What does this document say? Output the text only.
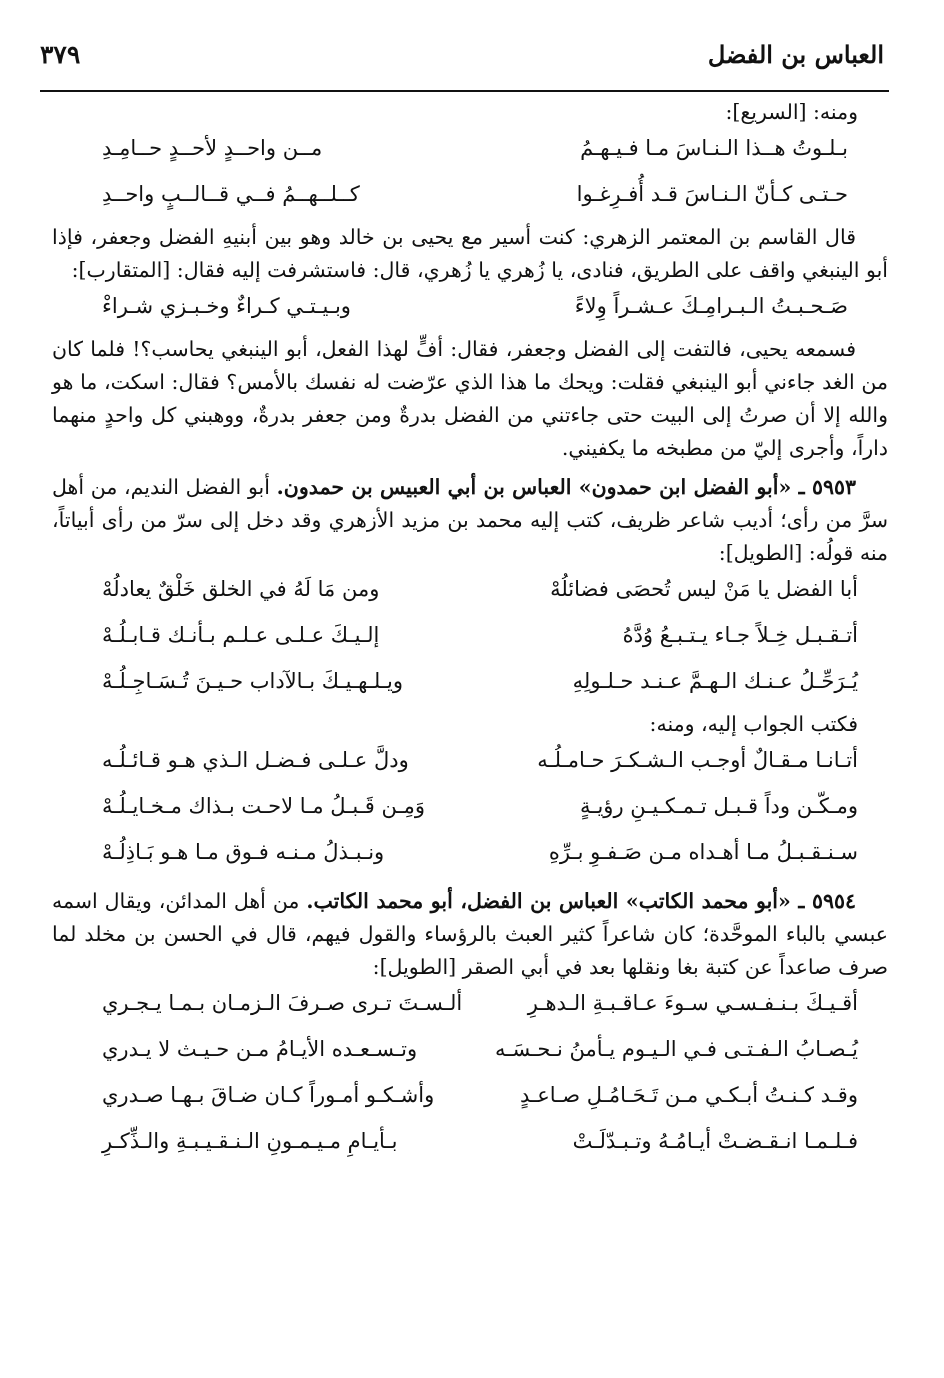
العباس بن الفضل
٣٧٩

ومنه: [السريع]:

بـلـوتُ هــذا الـنـاسَ مـا فـيـهـمُ
مــن واحــدٍ لأحــدٍ حــامِـدِ
حـتـى كـأنّ الـنـاسَ قـد أُفـرِغـوا
كــلــهــمُ فــي قــالــبٍ واحــدِ

قال القاسم بن المعتمر الزهري: كنت أسير مع يحيى بن خالد وهو بين أبنيهِ الفضل وجعفر، فإذا أبو الينبغي واقف على الطريق، فنادى، يا زُهري يا زُهري، قال: فاستشرفت إليه فقال: [المتقارب]:

صَـحـبـتُ الـبـرامِـكَ عـشـراً وِلاءً
وبـيـتـي كـراءٌ وخـبـزي شـراءْ

فسمعه يحيى، فالتفت إلى الفضل وجعفر، فقال: أفٍّ لهذا الفعل، أبو الينبغي يحاسب؟! فلما كان من الغد جاءني أبو الينبغي فقلت: ويحك ما هذا الذي عرّضت له نفسك بالأمس؟ فقال: اسكت، ما هو والله إلا أن صرتُ إلى البيت حتى جاءتني من الفضل بدرةٌ ومن جعفر بدرةٌ، ووهبني كل واحدٍ منهما داراً، وأجرى إليّ من مطبخه ما يكفيني.

٥٩٥٣ ـ «أبو الفضل ابن حمدون» العباس بن أبي العبيس بن حمدون. أبو الفضل النديم، من أهل سرَّ من رأى؛ أديب شاعر ظريف، كتب إليه محمد بن مزيد الأزهري وقد دخل إلى سرّ من رأى أبياتاً، منه قولُه: [الطويل]:

أبا الفضل يا مَنْ ليس تُحصَى فضائلُهْ
ومن مَا لَهُ في الخلق خَلْقٌ يعادلُهْ
أتـقـبـل خِـلاً جـاء يـتـبـعُ وُدَّهُ
إلـيـكَ عـلـى عـلـم بـأنـك قـابـلُـهْ
يُـرَحِّـلُ عـنـك الـهـمَّ عـنـد حـلـولِهِ
ويـلـهـيـكَ بـالآداب حـيـنَ تُـسَـاجِـلُـهْ

فكتب الجواب إليه، ومنه:

أتـانـا مـقـالٌ أوجـب الـشـكـرَ حـامـلُـه
ودلَّ عـلـى فـضـل الـذي هـو قـائـلُـه
ومـكّـن وداً قـبـل تـمـكـيـنِ رؤيـةٍ
وَمِـن قَـبـلُ مـا لاحـت بـذاك مـخـايـلُـهْ
سـنـقـبـلُ مـا أهـداه مـن صَـفـوِ بـرِّهِ
ونـبـذلُ مـنـه فـوق مـا هـو بَـاذِلُـهْ

٥٩٥٤ ـ «أبو محمد الكاتب» العباس بن الفضل، أبو محمد الكاتب. من أهل المدائن، ويقال اسمه عبسي بالباء الموحَّدة؛ كان شاعراً كثير العبث بالرؤساء والقول فيهم، قال في الحسن بن مخلد لما صرف صاعداً عن كتبة بغا ونقلها بعد في أبي الصقر [الطويل]:

أقـيـكَ بـنـفـسـي سـوءَ عـاقـبـةِ الـدهـرِ
ألـسـتَ تـرى صـرفَ الـزمـان بـمـا يـجـري
يُـصـابُ الـفـتـى فـي الـيـوم يـأمنُ نـحـسَـه
وتـسـعـده الأيـامُ مـن حـيـث لا يـدري
وقـد كـنـتُ أبـكـي مـن تَـحَـامُـلِ صـاعـدٍ
وأشـكـو أمـوراً كـان ضـاقَ بـهـا صـدري
فـلـمـا انـقـضـتْ أيـامُـهُ وتـبـدّلَـتْ
بـأيـامِ مـيـمـونِ الـنـقـيـبـةِ والـذِّكـرِ
